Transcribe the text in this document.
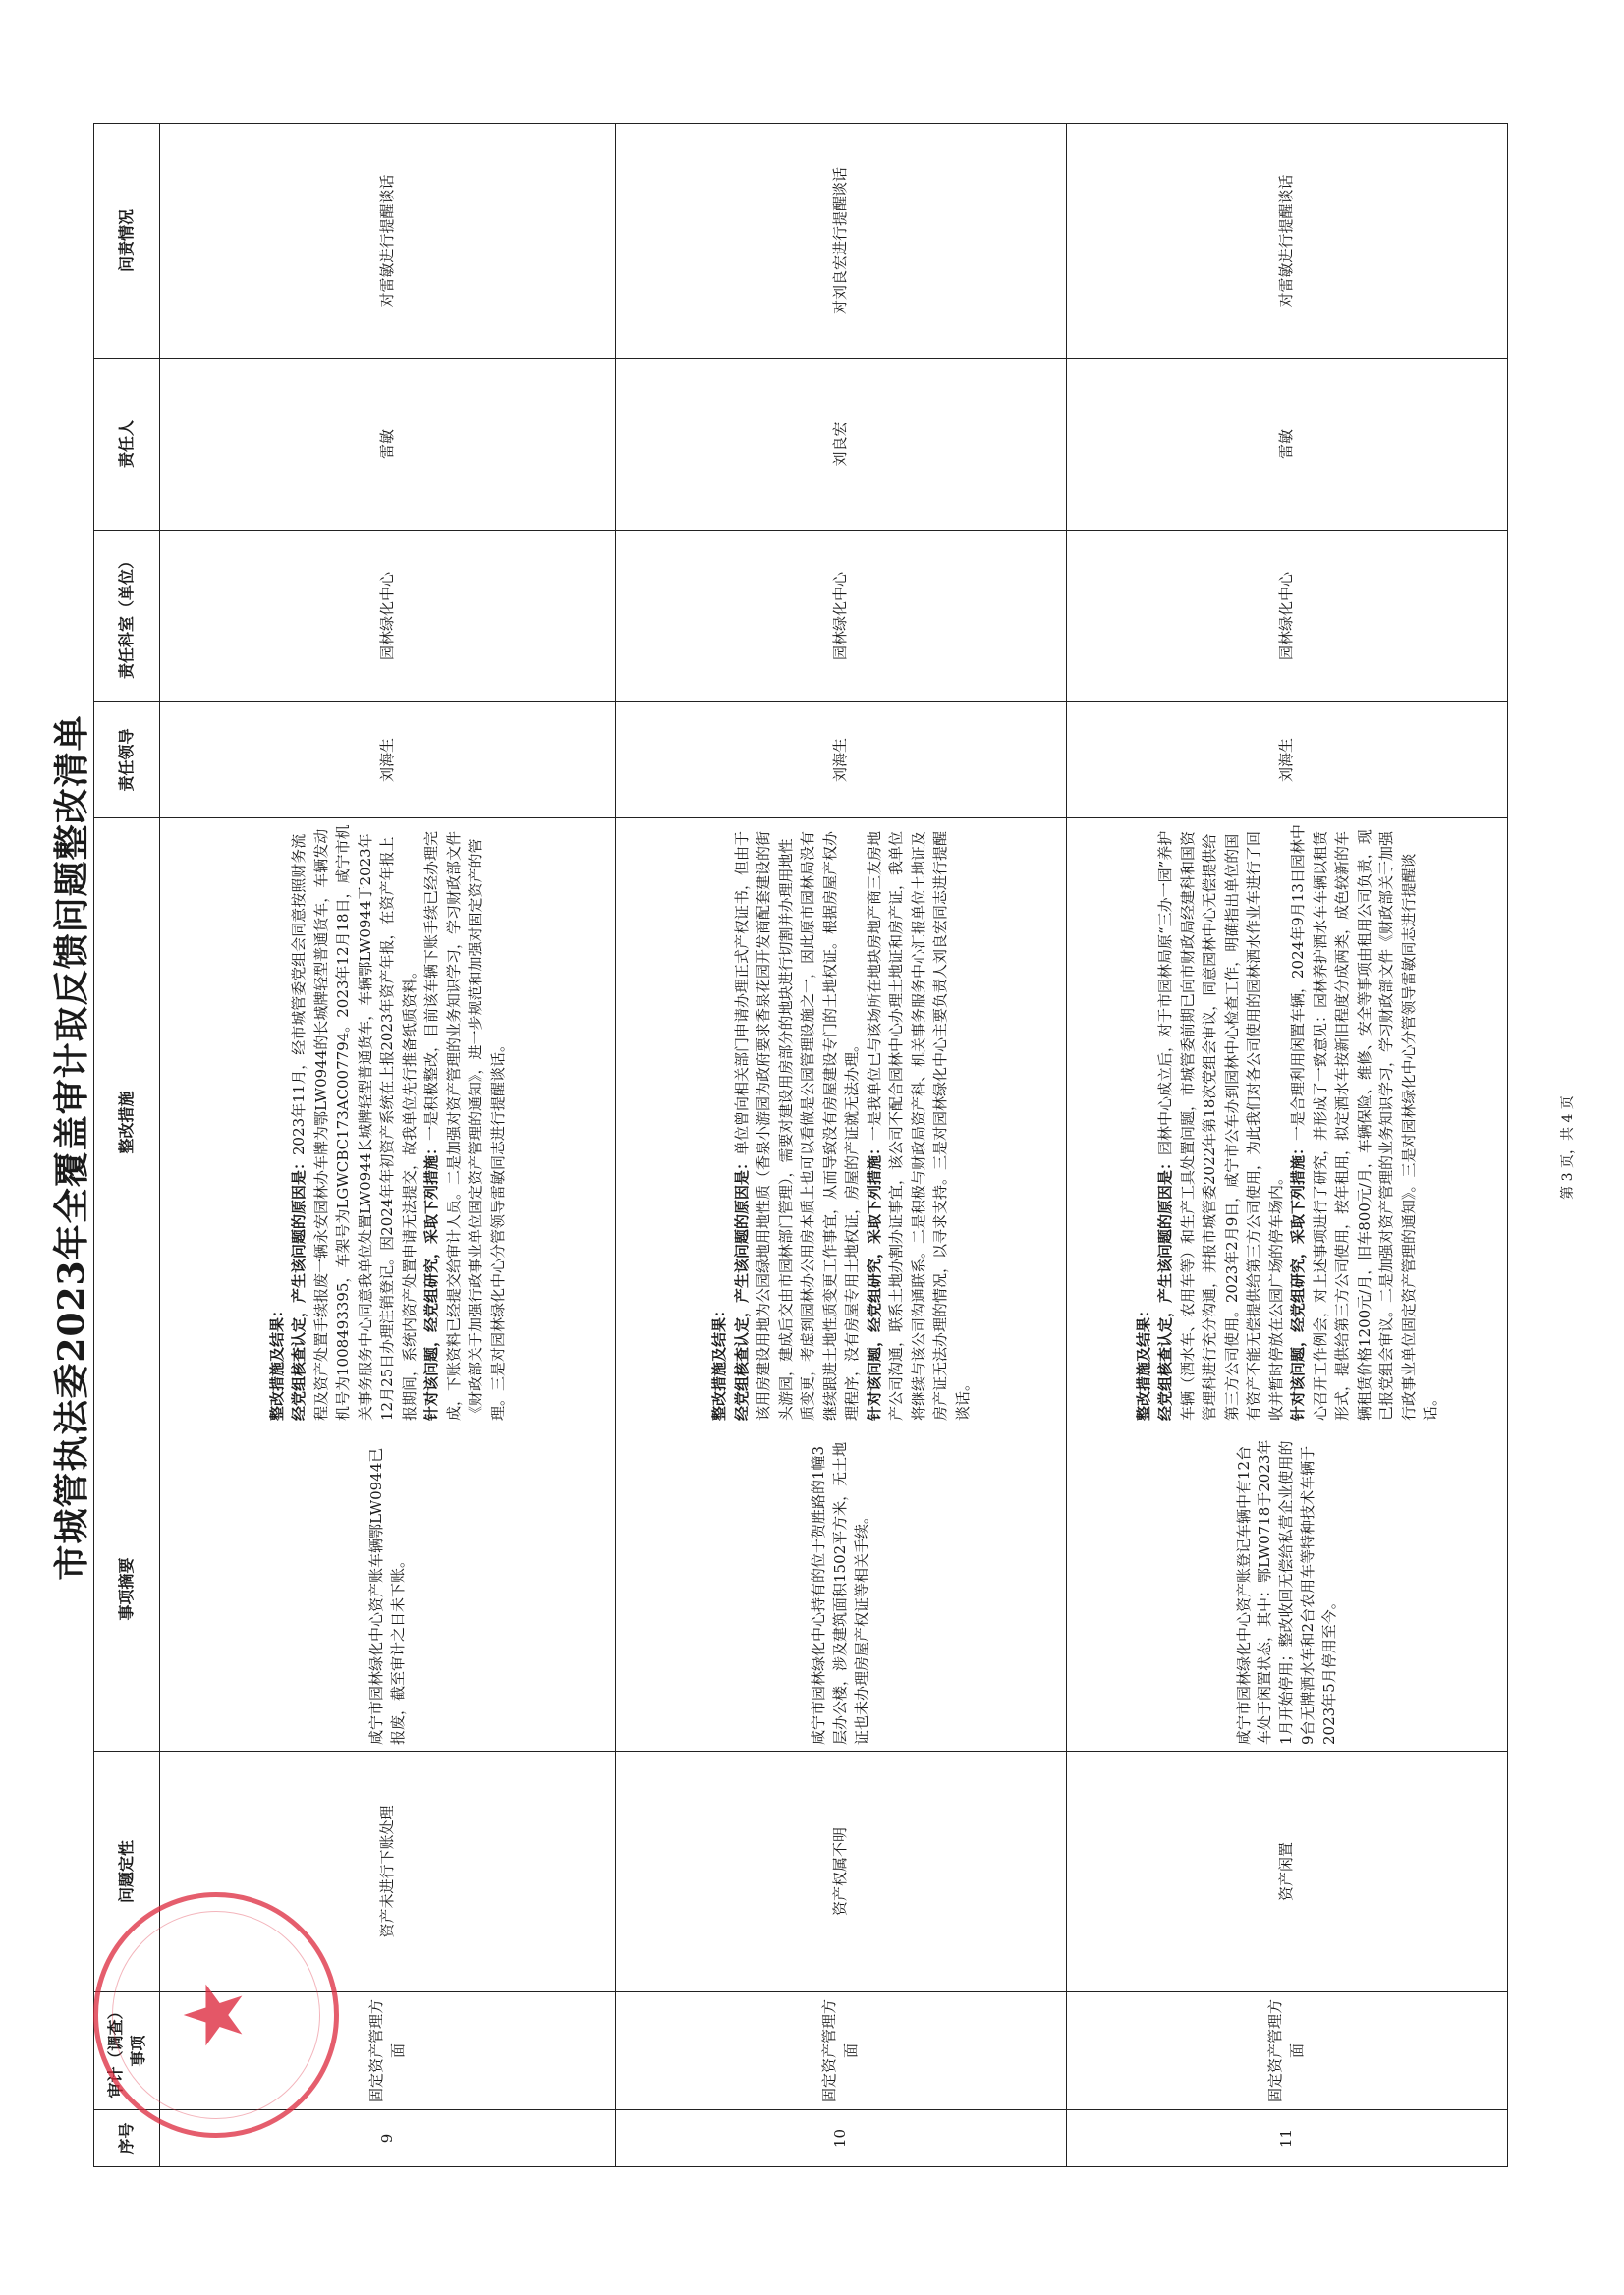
市城管执法委2023年全覆盖审计取反馈问题整改清单
序号	审计（调查）事项	问题定性	事项摘要	整改措施	责任领导	责任科室（单位）	责任人	问责情况
9	固定资产管理方面	资产未进行下账处理	咸宁市园林绿化中心资产账车辆鄂LW0944已报废，截至审计之日未下账。	整改措施及结果： 经党组核查认定，产生该问题的原因是：2023年11月，经市城管委党组会同意按照财务流程及资产处置手续报废一辆永安园林办车牌为鄂LW0944的长城牌轻型普通货车，车辆发动机号为1008493395，车架号为LGWCBC173AC007794。2023年12月18日，咸宁市机关事务服务中心同意我单位处置LW0944长城牌轻型普通货车，车辆鄂LW0944于2023年12月25日办理注销登记。因2024年年初资产系统在上报2023年资产年报，在资产年报上报期间，系统内资产处置申请无法提交，故我单位先行推备纸质资料。 针对该问题，经党组研究，采取下列措施：一是积极整改，目前该车辆下账手续已经办理完成，下账资料已经提交给审计人员。二是加强对资产管理的业务知识学习，学习财政部文件《财政部关于加强行政事业单位固定资产管理的通知》，进一步规范和加强对固定资产的管理。三是对园林绿化中心分管领导雷敏同志进行提醒谈话。	刘海生	园林绿化中心	雷敏	对雷敏进行提醒谈话
10	固定资产管理方面	资产权属不明	咸宁市园林绿化中心持有的位于贺胜路的1幢3层办公楼，涉及建筑面积1502平方米，无土地证也未办理房屋产权证等相关手续。	整改措施及结果： 经党组核查认定，产生该问题的原因是：单位曾向相关部门申请办理正式产权证书，但由于该用房建设用地为公园绿地用地性质（香泉小游园为政府要求香泉花园开发商配套建设的街头游园，建成后交由市园林部门管理），需要对建设用房部分的地块进行切割并办理用地性质变更，考虑到园林办公用房本质上也可以看做是公园管理设施之一，因此原市园林局没有继续跟进土地性质变更工作事宜，从而导致没有房屋建设专门的土地权证。根据房屋产权办理程序，没有房屋专用土地权证，房屋的产证就无法办理。 针对该问题，经党组研究，采取下列措施：一是我单位已与该场所在地块房地产商三友房地产公司沟通，联系土地办割办证事宜，该公司不配合园林中心办理土地证和房产证，我单位将继续与该公司沟通联系。二是积极与财政局资产科、机关事务服务中心汇报单位土地证及房产证无法办理的情况，以寻求支持。三是对园林绿化中心主要负责人刘良宏同志进行提醒谈话。	刘海生	园林绿化中心	刘良宏	对刘良宏进行提醒谈话
11	固定资产管理方面	资产闲置	咸宁市园林绿化中心资产账登记车辆中有12台车处于闲置状态，其中：鄂LW0718于2023年1月开始停用；整改收回无偿给私营企业使用的9台无牌洒水车和2台农用车等特种技术车辆于2023年5月停用至今。	整改措施及结果： 经党组核查认定，产生该问题的原因是：园林中心成立后，对于市园林局原“三办一园”养护车辆（洒水车、农用车等）和生产工具处置问题，市城管委前期已向市财政局经建科和国资管理科进行充分沟通，并报市城管委2022年第18次党组会审议，同意园林中心无偿提供给第三方公司使用。2023年2月9日，咸宁市公车办到园林中心检查工作，明确指出单位的国有资产不能无偿提供给第三方公司使用，为此我们对各公司使用的园林洒水作业车进行了回收并暂时停放在公园广场的停车场内。 针对该问题，经党组研究，采取下列措施：一是合理利用闲置车辆，2024年9月13日园林中心召开工作例会，对上述事项进行了研究，并形成了一致意见：园林养护洒水车车辆以租赁形式，提供给第三方公司使用，按年租用，拟定洒水车按新旧程度分成两类，成色较新的车辆租赁价格1200元/月，旧车800元/月，车辆保险、维修、安全等事项由租用公司负责，现已报党组会审议。二是加强对资产管理的业务知识学习，学习财政部文件《财政部关于加强行政事业单位固定资产管理的通知》。三是对园林绿化中心分管领导雷敏同志进行提醒谈话。	刘海生	园林绿化中心	雷敏	对雷敏进行提醒谈话
★
第 3 页，共 4 页
